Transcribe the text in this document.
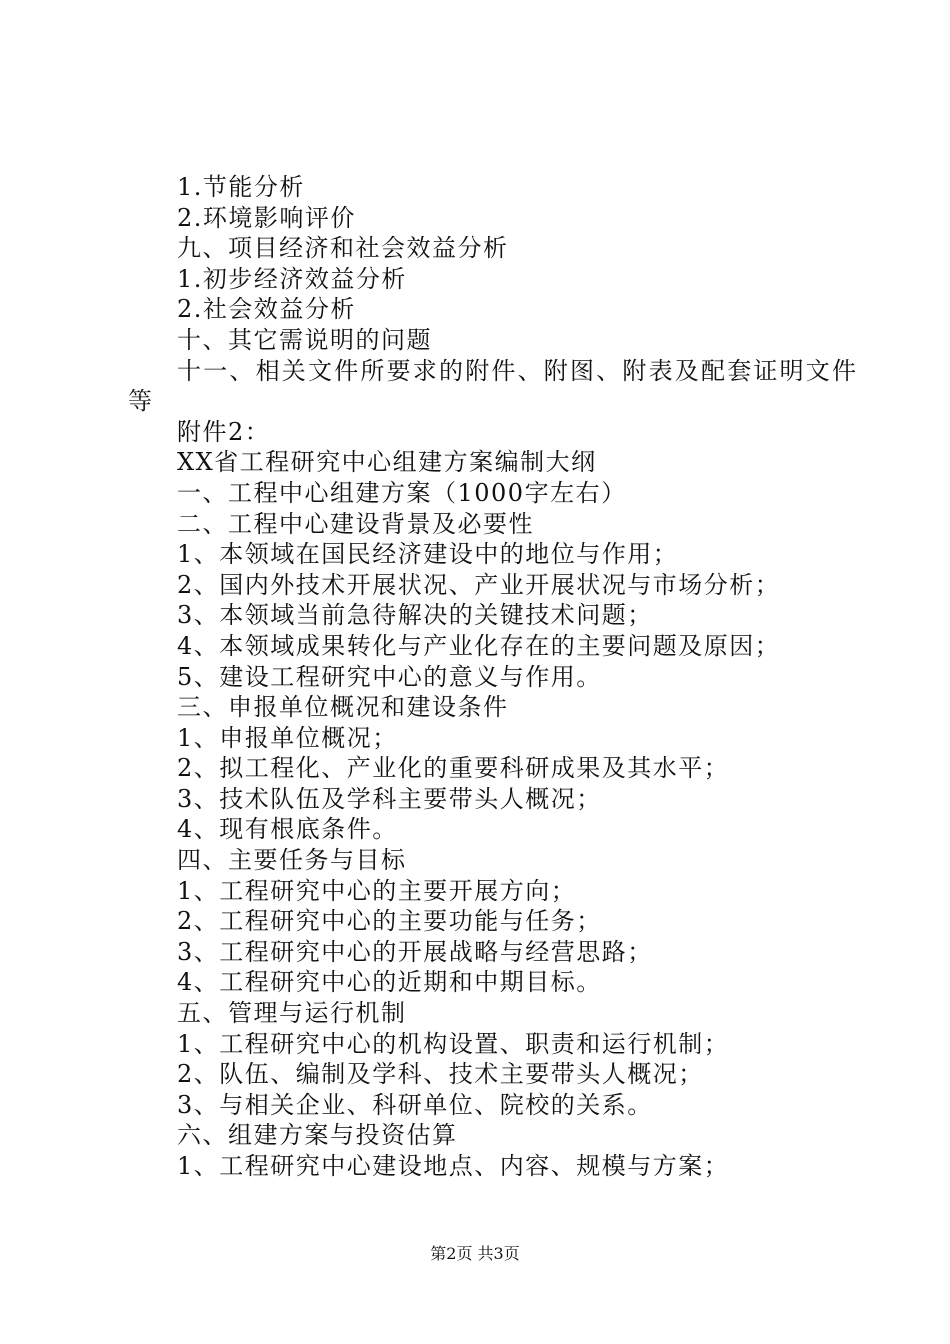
1.节能分析
2.环境影响评价
九、项目经济和社会效益分析
1.初步经济效益分析
2.社会效益分析
十、其它需说明的问题
十一、相关文件所要求的附件、附图、附表及配套证明文件
等
附件2：
XX省工程研究中心组建方案编制大纲
一、工程中心组建方案（1000字左右）
二、工程中心建设背景及必要性
1、本领域在国民经济建设中的地位与作用；
2、国内外技术开展状况、产业开展状况与市场分析；
3、本领域当前急待解决的关键技术问题；
4、本领域成果转化与产业化存在的主要问题及原因；
5、建设工程研究中心的意义与作用。
三、申报单位概况和建设条件
1、申报单位概况；
2、拟工程化、产业化的重要科研成果及其水平；
3、技术队伍及学科主要带头人概况；
4、现有根底条件。
四、主要任务与目标
1、工程研究中心的主要开展方向；
2、工程研究中心的主要功能与任务；
3、工程研究中心的开展战略与经营思路；
4、工程研究中心的近期和中期目标。
五、管理与运行机制
1、工程研究中心的机构设置、职责和运行机制；
2、队伍、编制及学科、技术主要带头人概况；
3、与相关企业、科研单位、院校的关系。
六、组建方案与投资估算
1、工程研究中心建设地点、内容、规模与方案；
第2页 共3页
